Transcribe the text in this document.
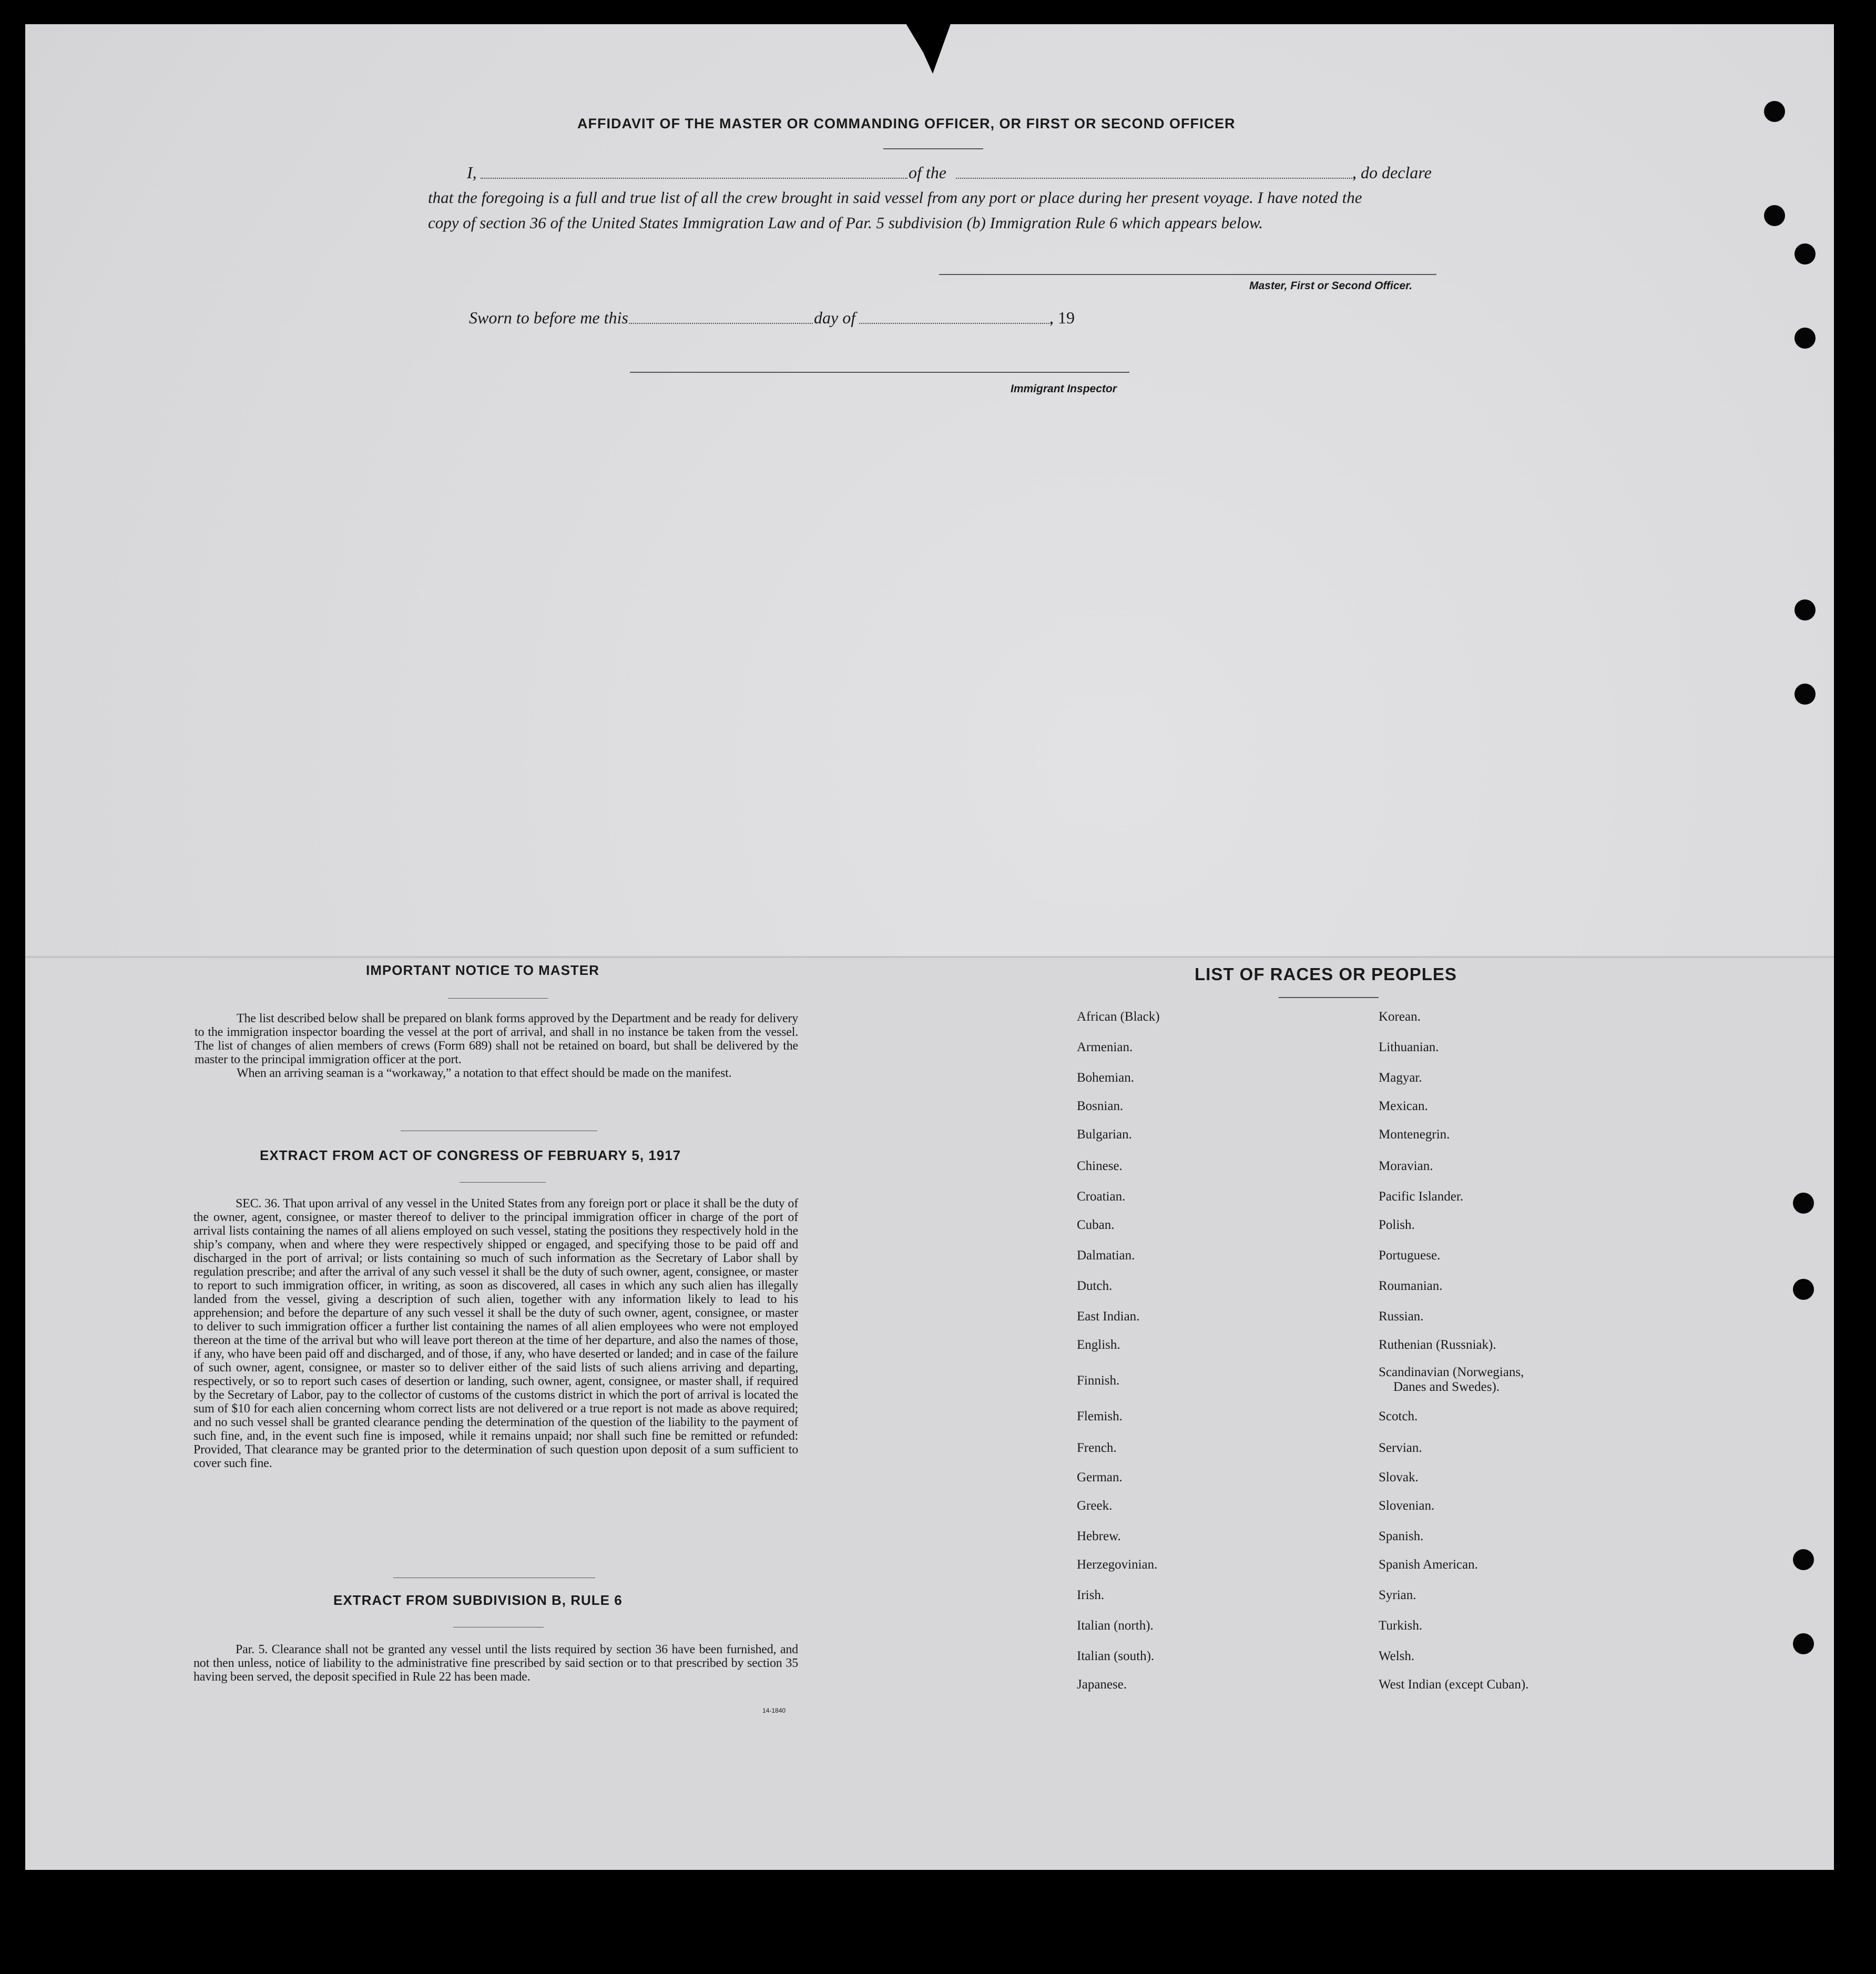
AFFIDAVIT OF THE MASTER OR COMMANDING OFFICER, OR FIRST OR SECOND OFFICER
I,	of the	, do declare
that the foregoing is a full and true list of all the crew brought in said vessel from any port or place during her present voyage. I have noted the
copy of section 36 of the United States Immigration Law and of Par. 5 subdivision (b) Immigration Rule 6 which appears below.
Master, First or Second Officer.
Sworn to before me this	day of	, 19
Immigrant Inspector
IMPORTANT NOTICE TO MASTER

The list described below shall be prepared on blank forms approved by the Department and be ready for delivery to the immigration inspector boarding the vessel at the port of arrival, and shall in no instance be taken from the vessel. The list of changes of alien members of crews (Form 689) shall not be retained on board, but shall be delivered by the master to the principal immigration officer at the port.

When an arriving seaman is a “workaway,” a notation to that effect should be made on the manifest.

EXTRACT FROM ACT OF CONGRESS OF FEBRUARY 5, 1917

SEC. 36. That upon arrival of any vessel in the United States from any foreign port or place it shall be the duty of the owner, agent, consignee, or master thereof to deliver to the principal immigration officer in charge of the port of arrival lists containing the names of all aliens employed on such vessel, stating the positions they respectively hold in the ship’s company, when and where they were respectively shipped or engaged, and specifying those to be paid off and discharged in the port of arrival; or lists containing so much of such information as the Secretary of Labor shall by regulation prescribe; and after the arrival of any such vessel it shall be the duty of such owner, agent, consignee, or master to report to such immigration officer, in writing, as soon as discovered, all cases in which any such alien has illegally landed from the vessel, giving a description of such alien, together with any information likely to lead to his apprehension; and before the departure of any such vessel it shall be the duty of such owner, agent, consignee, or master to deliver to such immigration officer a further list containing the names of all alien employees who were not employed thereon at the time of the arrival but who will leave port thereon at the time of her departure, and also the names of those, if any, who have been paid off and discharged, and of those, if any, who have deserted or landed; and in case of the failure of such owner, agent, consignee, or master so to deliver either of the said lists of such aliens arriving and departing, respectively, or so to report such cases of desertion or landing, such owner, agent, consignee, or master shall, if required by the Secretary of Labor, pay to the collector of customs of the customs district in which the port of arrival is located the sum of $10 for each alien concerning whom correct lists are not delivered or a true report is not made as above required; and no such vessel shall be granted clearance pending the determination of the question of the liability to the payment of such fine, and, in the event such fine is imposed, while it remains unpaid; nor shall such fine be remitted or refunded: Provided, That clearance may be granted prior to the determination of such question upon deposit of a sum sufficient to cover such fine.

EXTRACT FROM SUBDIVISION B, RULE 6

Par. 5. Clearance shall not be granted any vessel until the lists required by section 36 have been furnished, and not then unless, notice of liability to the administrative fine prescribed by said section or to that prescribed by section 35 having been served, the deposit specified in Rule 22 has been made.

14-1840
LIST OF RACES OR PEOPLES
African (Black)
Armenian.
Bohemian.
Bosnian.
Bulgarian.
Chinese.
Croatian.
Cuban.
Dalmatian.
Dutch.
East Indian.
English.
Finnish.
Flemish.
French.
German.
Greek.
Hebrew.
Herzegovinian.
Irish.
Italian (north).
Italian (south).
Japanese.
Korean.
Lithuanian.
Magyar.
Mexican.
Montenegrin.
Moravian.
Pacific Islander.
Polish.
Portuguese.
Roumanian.
Russian.
Ruthenian (Russniak).
Scandinavian (Norwegians,
Danes and Swedes).
Scotch.
Servian.
Slovak.
Slovenian.
Spanish.
Spanish American.
Syrian.
Turkish.
Welsh.
West Indian (except Cuban).
